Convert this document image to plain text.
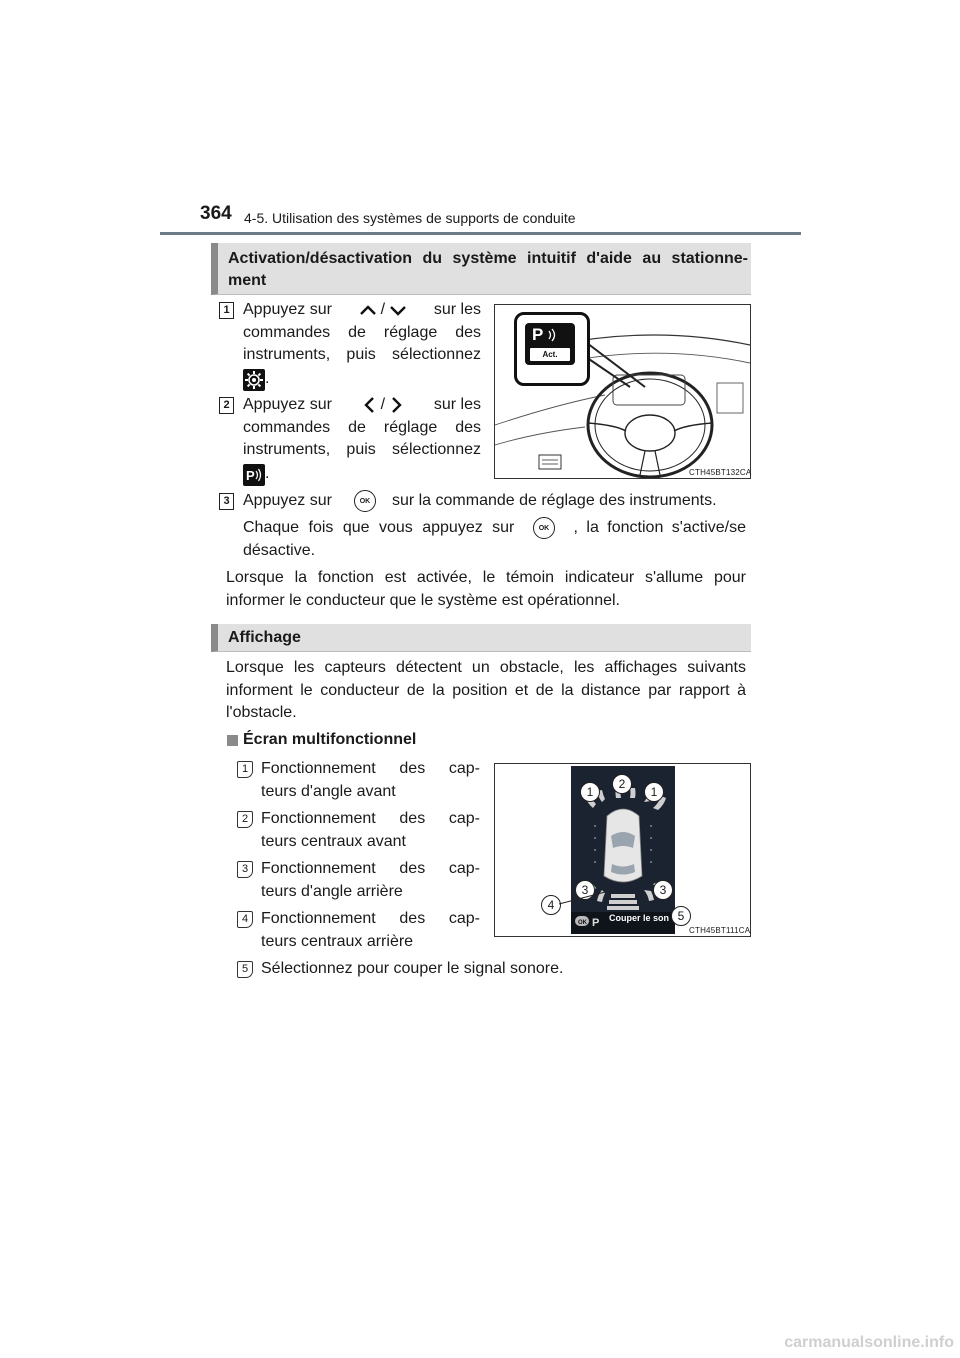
364 4-5. Utilisation des systèmes de supports de conduite
Activation/désactivation du système intuitif d'aide au stationne-
ment
1 Appuyez sur	/	sur les
commandes de réglage des
instruments, puis sélectionnez
.
2 Appuyez sur	/	sur les
commandes de réglage des
instruments, puis sélectionnez
P .
P
Act.
CTH45BT132CA
3 Appuyez sur	OK	sur la commande de réglage des instruments.
Chaque fois que vous appuyez sur	OK	, la fonction s'active/se
désactive.
Lorsque la fonction est activée, le témoin indicateur s'allume pour
informer le conducteur que le système est opérationnel.
Affichage
Lorsque les capteurs détectent un obstacle, les affichages suivants
informent le conducteur de la position et de la distance par rapport à
l'obstacle.
Écran multifonctionnel
1 Fonctionnement des cap-
teurs d'angle avant
2 Fonctionnement des cap-
teurs centraux avant
3 Fonctionnement des cap-
teurs d'angle arrière
4 Fonctionnement des cap-
teurs centraux arrière
5 Sélectionnez pour couper le signal sonore.
OK P Couper le son
1
2
1
3	3
4
5
CTH45BT111CA
carmanualsonline.info
